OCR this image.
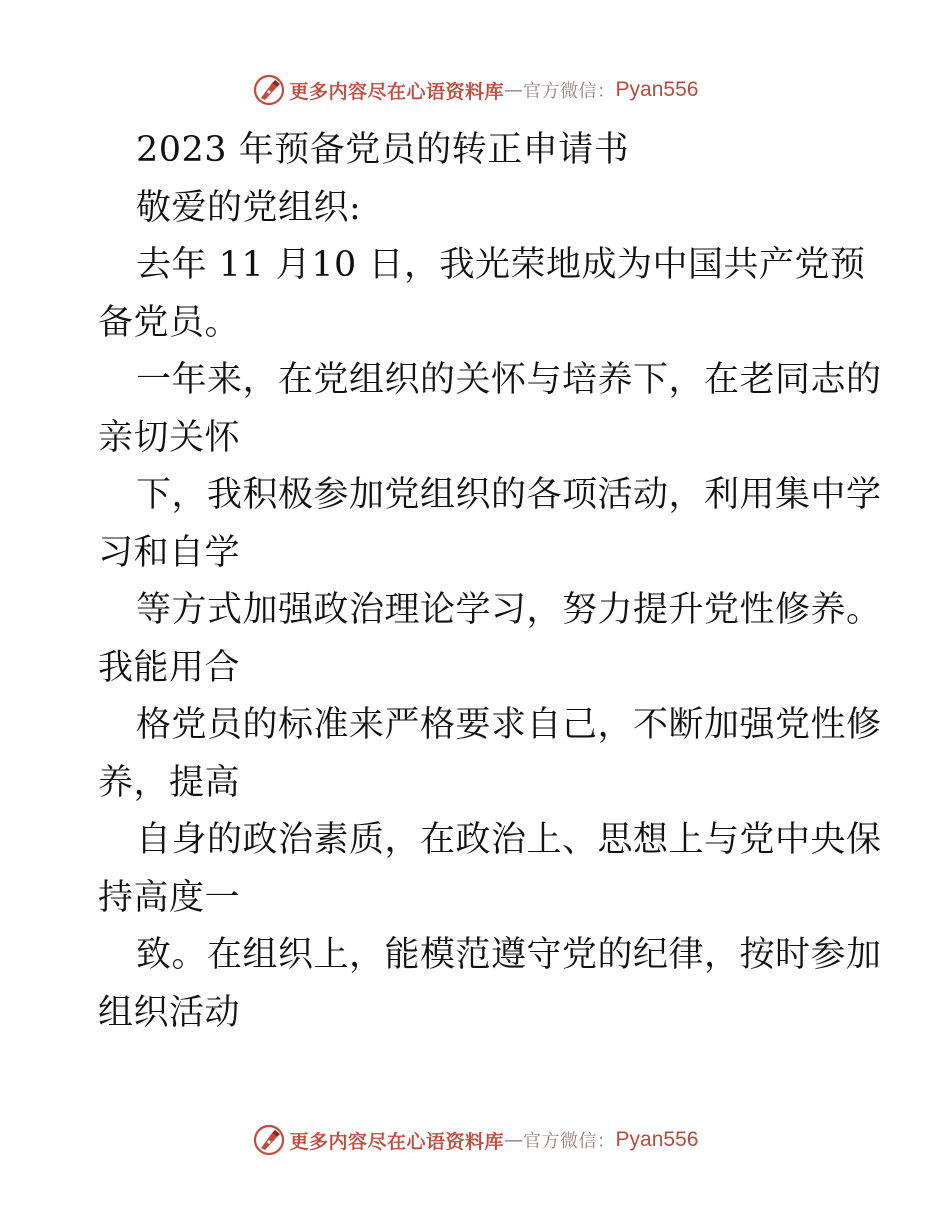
更多内容尽在心语资料库 — 官方微信： Pyan556
2023 年预备党员的转正申请书
敬爱的党组织:
去年 11 月10 日，我光荣地成为中国共产党预
备党员。
一年来，在党组织的关怀与培养下，在老同志的
亲切关怀
下，我积极参加党组织的各项活动，利用集中学
习和自学
等方式加强政治理论学习，努力提升党性修养。
我能用合
格党员的标准来严格要求自己，不断加强党性修
养，提高
自身的政治素质，在政治上、思想上与党中央保
持高度一
致。在组织上，能模范遵守党的纪律，按时参加
组织活动
更多内容尽在心语资料库 — 官方微信： Pyan556
